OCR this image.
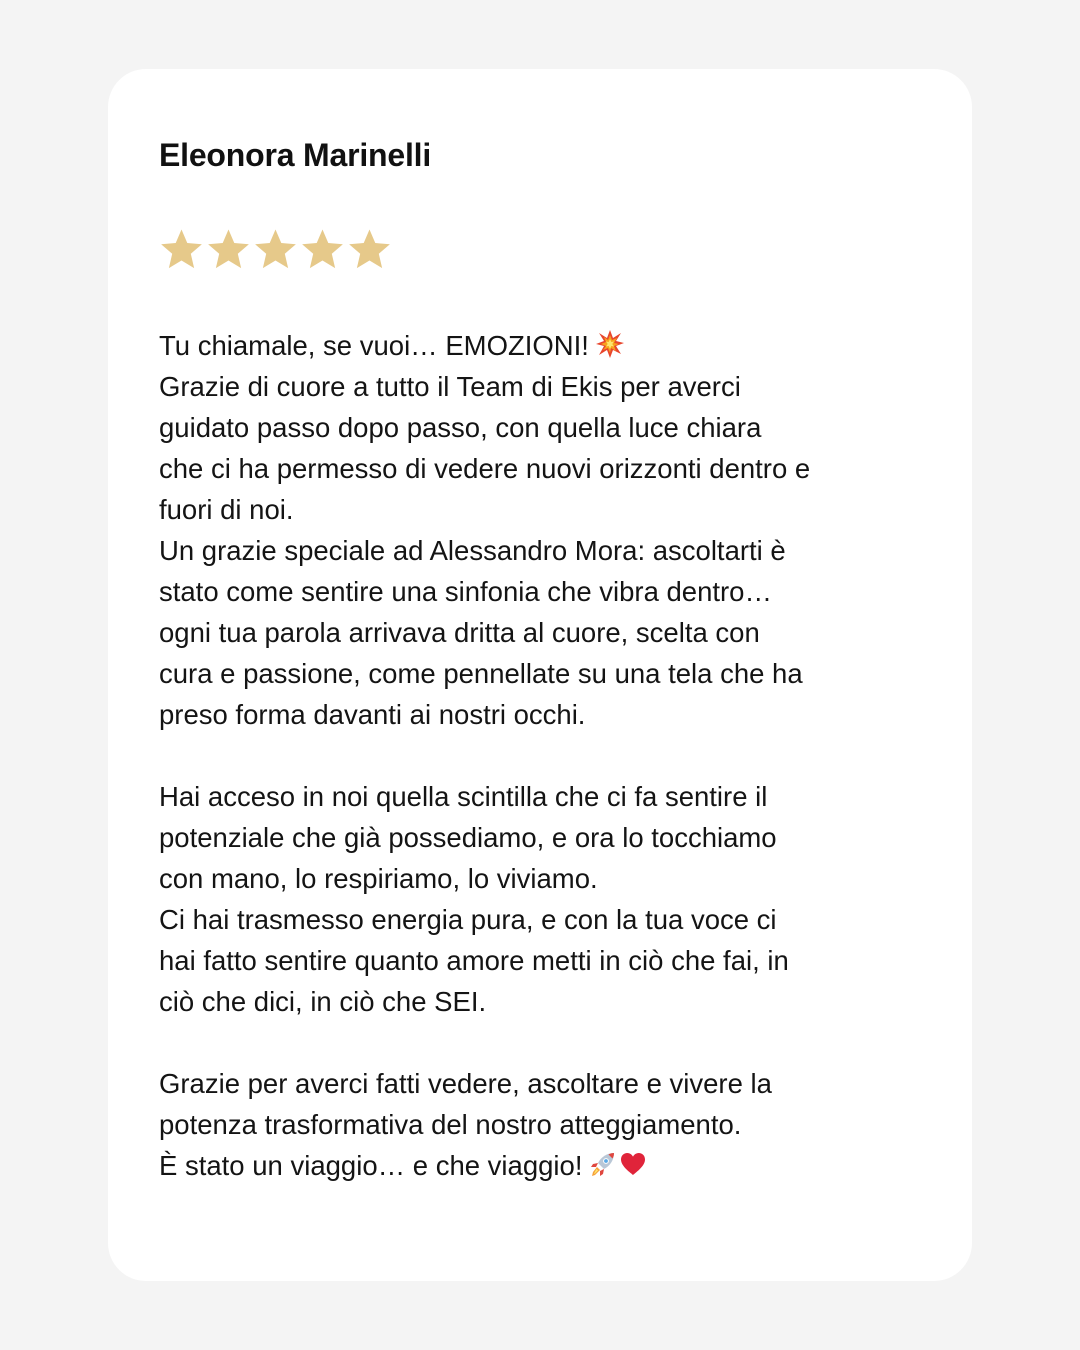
Eleonora Marinelli
Tu chiamale, se vuoi… EMOZIONI!
Grazie di cuore a tutto il Team di Ekis per averci
guidato passo dopo passo, con quella luce chiara
che ci ha permesso di vedere nuovi orizzonti dentro e
fuori di noi.
Un grazie speciale ad Alessandro Mora: ascoltarti è
stato come sentire una sinfonia che vibra dentro…
ogni tua parola arrivava dritta al cuore, scelta con
cura e passione, come pennellate su una tela che ha
preso forma davanti ai nostri occhi.
Hai acceso in noi quella scintilla che ci fa sentire il
potenziale che già possediamo, e ora lo tocchiamo
con mano, lo respiriamo, lo viviamo.
Ci hai trasmesso energia pura, e con la tua voce ci
hai fatto sentire quanto amore metti in ciò che fai, in
ciò che dici, in ciò che SEI.
Grazie per averci fatti vedere, ascoltare e vivere la
potenza trasformativa del nostro atteggiamento.
È stato un viaggio… e che viaggio!
